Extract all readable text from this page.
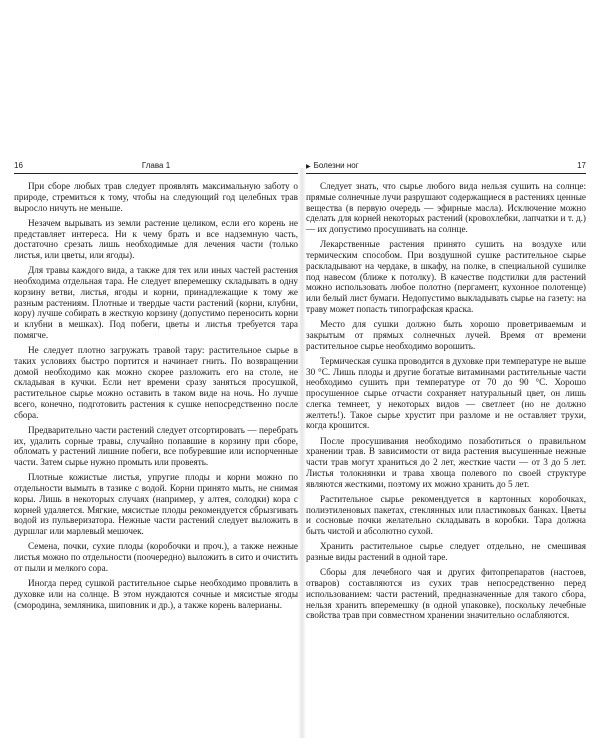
16	Глава 1

При сборе любых трав следует проявлять максимальную заботу о природе, стремиться к тому, чтобы на следующий год целебных трав выросло ничуть не меньше.

Незачем вырывать из земли растение целиком, если его корень не представляет интереса. Ни к чему брать и все надземную часть, достаточно срезать лишь необходимые для лечения части (только листья, или цветы, или ягоды).

Для травы каждого вида, а также для тех или иных частей растения необходима отдельная тара. Не следует вперемешку складывать в одну корзину ветви, листья, ягоды и корни, принадлежащие к тому же разным растениям. Плотные и твердые части растений (корни, клубни, кору) лучше собирать в жесткую корзину (допустимо переносить корни и клубни в мешках). Под побеги, цветы и листья требуется тара помягче.

Не следует плотно загружать травой тару: растительное сырье в таких условиях быстро портится и начинает гнить. По возвращении домой необходимо как можно скорее разложить его на столе, не складывая в кучки. Если нет времени сразу заняться просушкой, растительное сырье можно оставить в таком виде на ночь. Но лучше всего, конечно, подготовить растения к сушке непосредственно после сбора.

Предварительно части растений следует отсортировать — перебрать их, удалить сорные травы, случайно попавшие в корзину при сборе, обломать у растений лишние побеги, все побуревшие или испорченные части. Затем сырье нужно промыть или провеять.

Плотные кожистые листья, упругие плоды и корни можно по отдельности вымыть в тазике с водой. Корни принято мыть, не снимая коры. Лишь в некоторых случаях (например, у алтея, солодки) кора с корней удаляется. Мягкие, мясистые плоды рекомендуется сбрызгивать водой из пульверизатора. Нежные части растений следует выложить в дуршлаг или марлевый мешочек.

Семена, почки, сухие плоды (коробочки и проч.), а также нежные листья можно по отдельности (поочередно) выложить в сито и очистить от пыли и мелкого сора.

Иногда перед сушкой растительное сырье необходимо провялить в духовке или на солнце. В этом нуждаются сочные и мясистые ягоды (смородина, земляника, шиповник и др.), а также корень валерианы.

▶ Болезни ног	17

Следует знать, что сырье любого вида нельзя сушить на солнце: прямые солнечные лучи разрушают содержащиеся в растениях ценные вещества (в первую очередь — эфирные масла). Исключение можно сделать для корней некоторых растений (кровохлебки, лапчатки и т. д.) — их допустимо просушивать на солнце.

Лекарственные растения принято сушить на воздухе или термическим способом. При воздушной сушке растительное сырье раскладывают на чердаке, в шкафу, на полке, в специальной сушилке под навесом (ближе к потолку). В качестве подстилки для растений можно использовать любое полотно (пергамент, кухонное полотенце) или белый лист бумаги. Недопустимо выкладывать сырье на газету: на траву может попасть типографская краска.

Место для сушки должно быть хорошо проветриваемым и закрытым от прямых солнечных лучей. Время от времени растительное сырье необходимо ворошить.

Термическая сушка проводится в духовке при температуре не выше 30 °С. Лишь плоды и другие богатые витаминами растительные части необходимо сушить при температуре от 70 до 90 °С. Хорошо просушенное сырье отчасти сохраняет натуральный цвет, он лишь слегка темнеет, у некоторых видов — светлеет (но не должно желтеть!). Такое сырье хрустит при разломе и не оставляет трухи, когда крошится.

После просушивания необходимо позаботиться о правильном хранении трав. В зависимости от вида растения высушенные нежные части трав могут храниться до 2 лет, жесткие части — от 3 до 5 лет. Листья толокнянки и трава хвоща полевого по своей структуре являются жесткими, поэтому их можно хранить до 5 лет.

Растительное сырье рекомендуется в картонных коробочках, полиэтиленовых пакетах, стеклянных или пластиковых банках. Цветы и сосновые почки желательно складывать в коробки. Тара должна быть чистой и абсолютно сухой.

Хранить растительное сырье следует отдельно, не смешивая разные виды растений в одной таре.

Сборы для лечебного чая и других фитопрепаратов (настоев, отваров) составляются из сухих трав непосредственно перед использованием: части растений, предназначенные для такого сбора, нельзя хранить вперемешку (в одной упаковке), поскольку лечебные свойства трав при совместном хранении значительно ослабляются.
